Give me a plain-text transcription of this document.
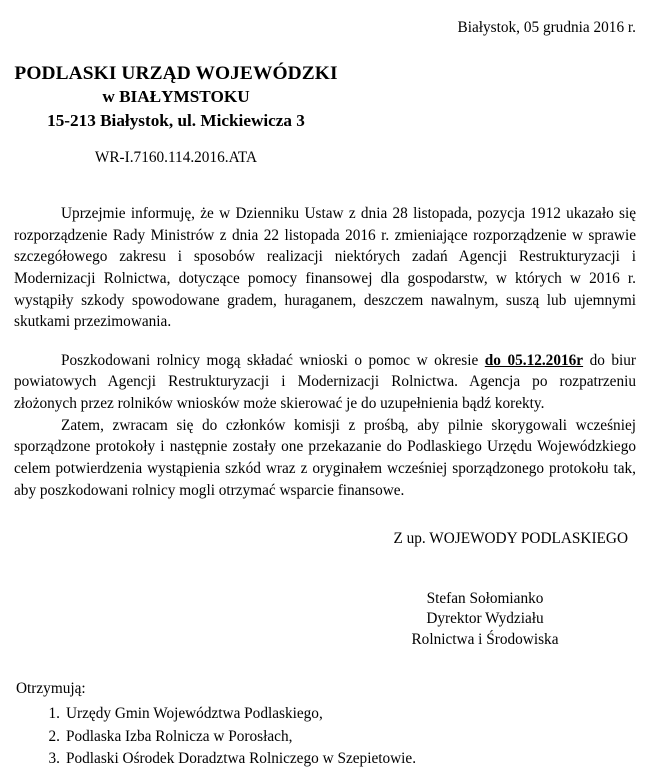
Białystok, 05 grudnia 2016 r.
PODLASKI URZĄD WOJEWÓDZKI
w BIAŁYMSTOKU
15-213 Białystok, ul. Mickiewicza 3
WR-I.7160.114.2016.ATA

Uprzejmie informuję, że w Dzienniku Ustaw z dnia 28 listopada, pozycja 1912 ukazało się rozporządzenie Rady Ministrów z dnia 22 listopada 2016 r. zmieniające rozporządzenie w sprawie szczegółowego zakresu i sposobów realizacji niektórych zadań Agencji Restrukturyzacji i Modernizacji Rolnictwa, dotyczące pomocy finansowej dla gospodarstw, w których w 2016 r. wystąpiły szkody spowodowane gradem, huraganem, deszczem nawalnym, suszą lub ujemnymi skutkami przezimowania.

Poszkodowani rolnicy mogą składać wnioski o pomoc w okresie do 05.12.2016r do biur powiatowych Agencji Restrukturyzacji i Modernizacji Rolnictwa. Agencja po rozpatrzeniu złożonych przez rolników wniosków może skierować je do uzupełnienia bądź korekty.

Zatem, zwracam się do członków komisji z prośbą, aby pilnie skorygowali wcześniej sporządzone protokoły i następnie zostały one przekazanie do Podlaskiego Urzędu Wojewódzkiego celem potwierdzenia wystąpienia szkód wraz z oryginałem wcześniej sporządzonego protokołu tak, aby poszkodowani rolnicy mogli otrzymać wsparcie finansowe.

Z up. WOJEWODY PODLASKIEGO
Stefan Sołomianko
Dyrektor Wydziału
Rolnictwa i Środowiska
Otrzymują:
1. Urzędy Gmin Województwa Podlaskiego,
2. Podlaska Izba Rolnicza w Porosłach,
3. Podlaski Ośrodek Doradztwa Rolniczego w Szepietowie.
